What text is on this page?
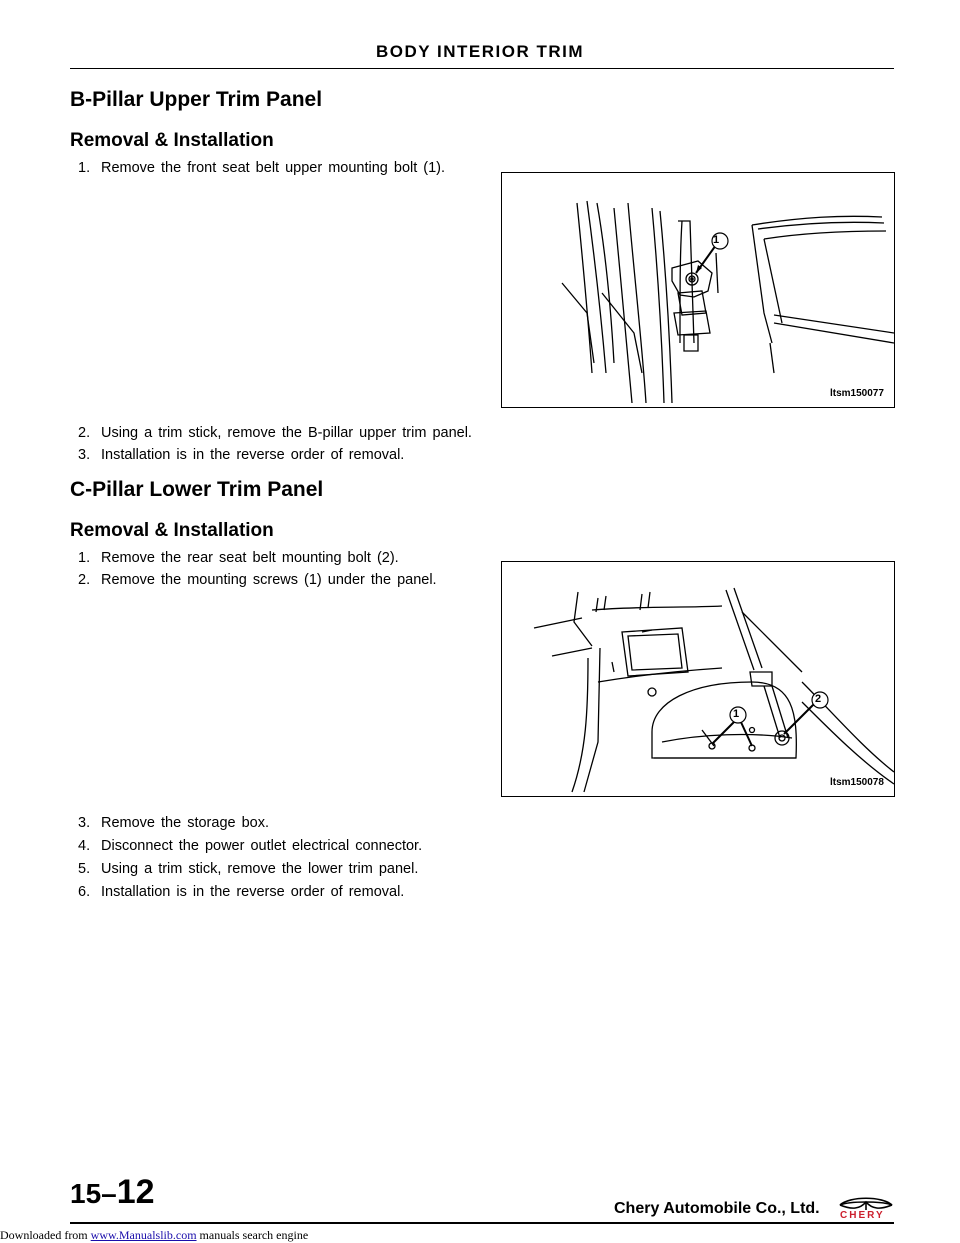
BODY INTERIOR TRIM
B-Pillar Upper Trim Panel
Removal & Installation
1. Remove the front seat belt upper mounting bolt (1).
1
ltsm150077
2. Using a trim stick, remove the B-pillar upper trim panel.
3. Installation is in the reverse order of removal.
C-Pillar Lower Trim Panel
Removal & Installation
1. Remove the rear seat belt mounting bolt (2).
2. Remove the mounting screws (1) under the panel.
1
2
ltsm150078
3. Remove the storage box.
4. Disconnect the power outlet electrical connector.
5. Using a trim stick, remove the lower trim panel.
6. Installation is in the reverse order of removal.
15–12	Chery Automobile Co., Ltd. CHERY
Downloaded from www.Manualslib.com manuals search engine
